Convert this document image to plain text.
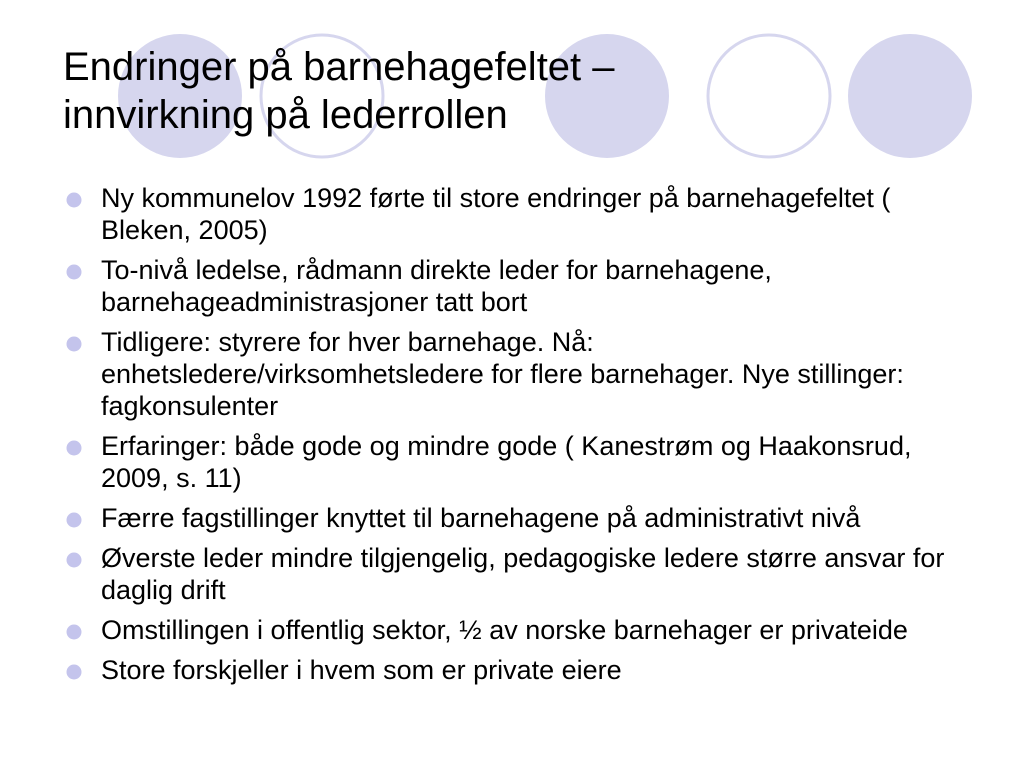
Endringer på barnehagefeltet –
innvirkning på lederrollen
Ny kommunelov 1992 førte til store endringer på barnehagefeltet ( Bleken, 2005)
To-nivå ledelse, rådmann direkte leder for barnehagene, barnehageadministrasjoner tatt bort
Tidligere: styrere for hver barnehage. Nå: enhetsledere/virksomhetsledere for flere barnehager. Nye stillinger: fagkonsulenter
Erfaringer: både gode og mindre gode ( Kanestrøm og Haakonsrud, 2009, s. 11)
Færre fagstillinger knyttet til barnehagene på administrativt nivå
Øverste leder mindre tilgjengelig, pedagogiske ledere større ansvar for daglig drift
Omstillingen i offentlig sektor, ½ av norske barnehager er privateide
Store forskjeller i hvem som er private eiere
